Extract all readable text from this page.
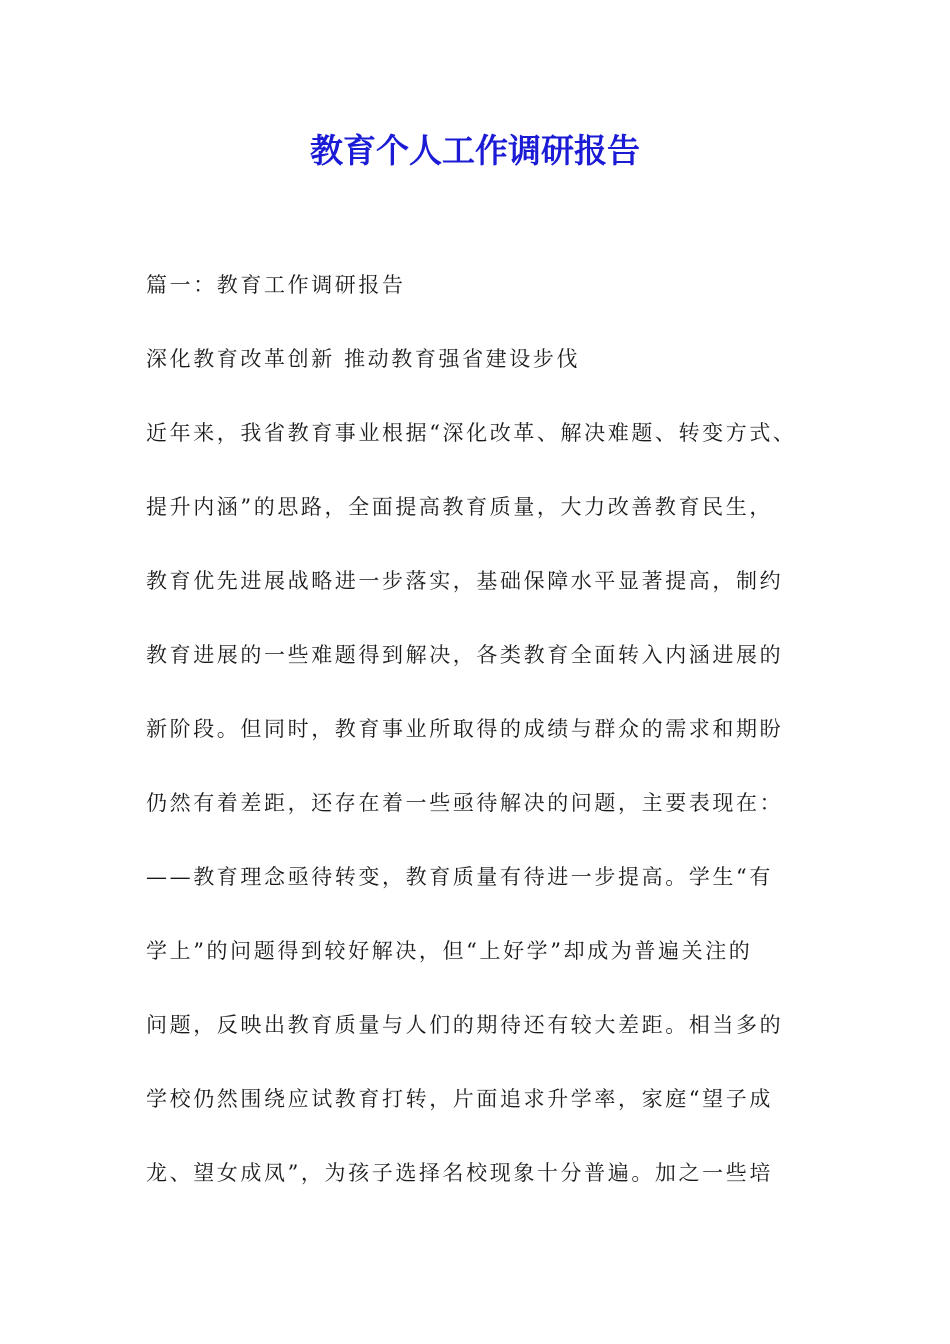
教育个人工作调研报告

篇一：教育工作调研报告

深化教育改革创新 推动教育强省建设步伐

近年来，我省教育事业根据“深化改革、解决难题、转变方式、

提升内涵”的思路，全面提高教育质量，大力改善教育民生，

教育优先进展战略进一步落实，基础保障水平显著提高，制约

教育进展的一些难题得到解决，各类教育全面转入内涵进展的

新阶段。但同时，教育事业所取得的成绩与群众的需求和期盼

仍然有着差距，还存在着一些亟待解决的问题，主要表现在：

——教育理念亟待转变，教育质量有待进一步提高。学生“有

学上”的问题得到较好解决，但“上好学”却成为普遍关注的

问题，反映出教育质量与人们的期待还有较大差距。相当多的

学校仍然围绕应试教育打转，片面追求升学率，家庭“望子成

龙、望女成凤”，为孩子选择名校现象十分普遍。加之一些培
